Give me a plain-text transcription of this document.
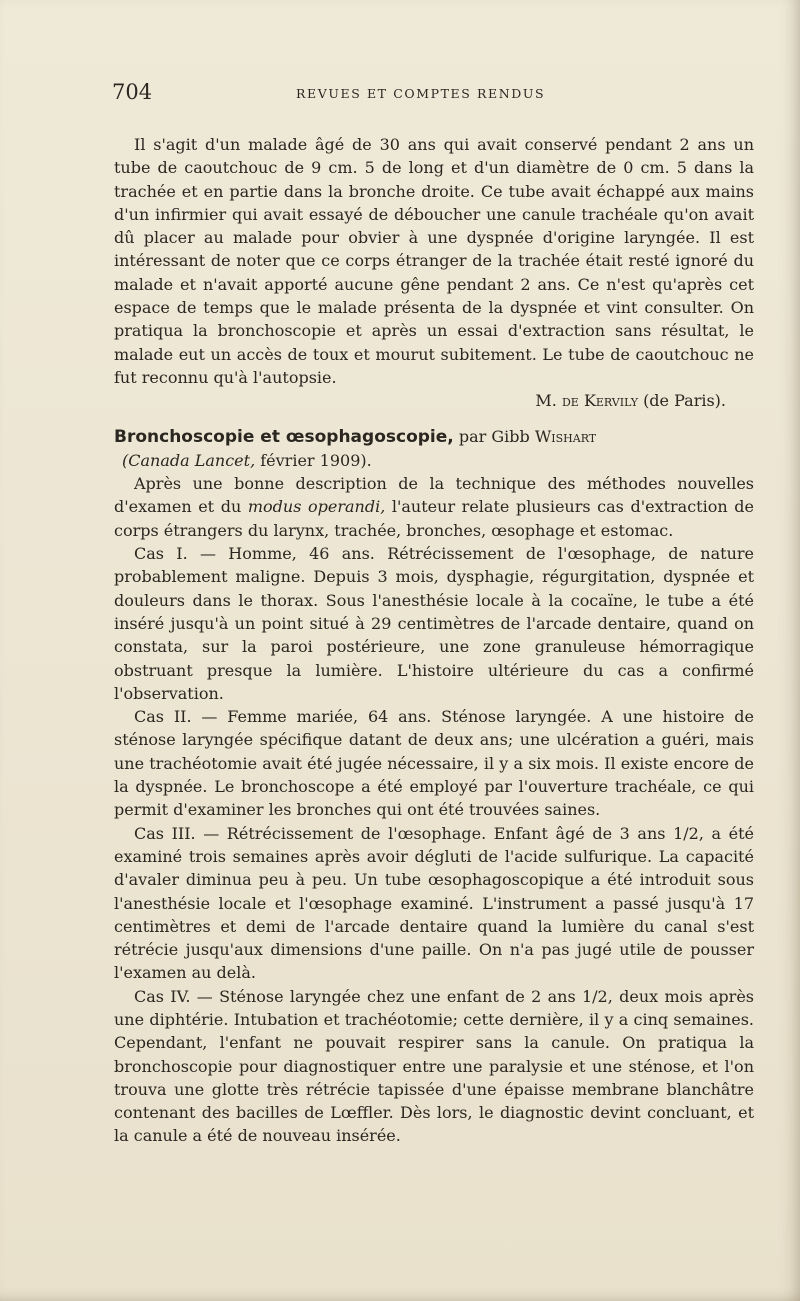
704	REVUES ET COMPTES RENDUS

Il s'agit d'un malade âgé de 30 ans qui avait conservé pendant 2 ans un tube de caoutchouc de 9 cm. 5 de long et d'un diamètre de 0 cm. 5 dans la trachée et en partie dans la bronche droite. Ce tube avait échappé aux mains d'un infirmier qui avait essayé de déboucher une canule trachéale qu'on avait dû placer au malade pour obvier à une dyspnée d'origine laryngée. Il est intéressant de noter que ce corps étranger de la trachée était resté ignoré du malade et n'avait apporté aucune gêne pendant 2 ans. Ce n'est qu'après cet espace de temps que le malade présenta de la dyspnée et vint consulter. On pratiqua la bronchoscopie et après un essai d'extraction sans résultat, le malade eut un accès de toux et mourut subitement. Le tube de caoutchouc ne fut reconnu qu'à l'autopsie.

M. de Kervily (de Paris).

Bronchoscopie et œsophagoscopie, par Gibb Wishart
(Canada Lancet, février 1909).

Après une bonne description de la technique des méthodes nouvelles d'examen et du modus operandi, l'auteur relate plusieurs cas d'extraction de corps étrangers du larynx, trachée, bronches, œsophage et estomac.

Cas I. — Homme, 46 ans. Rétrécissement de l'œsophage, de nature probablement maligne. Depuis 3 mois, dysphagie, régurgitation, dyspnée et douleurs dans le thorax. Sous l'anesthésie locale à la cocaïne, le tube a été inséré jusqu'à un point situé à 29 centimètres de l'arcade dentaire, quand on constata, sur la paroi postérieure, une zone granuleuse hémorragique obstruant presque la lumière. L'histoire ultérieure du cas a confirmé l'observation.

Cas II. — Femme mariée, 64 ans. Sténose laryngée. A une histoire de sténose laryngée spécifique datant de deux ans; une ulcération a guéri, mais une trachéotomie avait été jugée nécessaire, il y a six mois. Il existe encore de la dyspnée. Le bronchoscope a été employé par l'ouverture trachéale, ce qui permit d'examiner les bronches qui ont été trouvées saines.

Cas III. — Rétrécissement de l'œsophage. Enfant âgé de 3 ans 1/2, a été examiné trois semaines après avoir dégluti de l'acide sulfurique. La capacité d'avaler diminua peu à peu. Un tube œsophagoscopique a été introduit sous l'anesthésie locale et l'œsophage examiné. L'instrument a passé jusqu'à 17 centimètres et demi de l'arcade dentaire quand la lumière du canal s'est rétrécie jusqu'aux dimensions d'une paille. On n'a pas jugé utile de pousser l'examen au delà.

Cas IV. — Sténose laryngée chez une enfant de 2 ans 1/2, deux mois après une diphtérie. Intubation et trachéotomie; cette dernière, il y a cinq semaines. Cependant, l'enfant ne pouvait respirer sans la canule. On pratiqua la bronchoscopie pour diagnostiquer entre une paralysie et une sténose, et l'on trouva une glotte très rétrécie tapissée d'une épaisse membrane blanchâtre contenant des bacilles de Lœffler. Dès lors, le diagnostic devint concluant, et la canule a été de nouveau insérée.
